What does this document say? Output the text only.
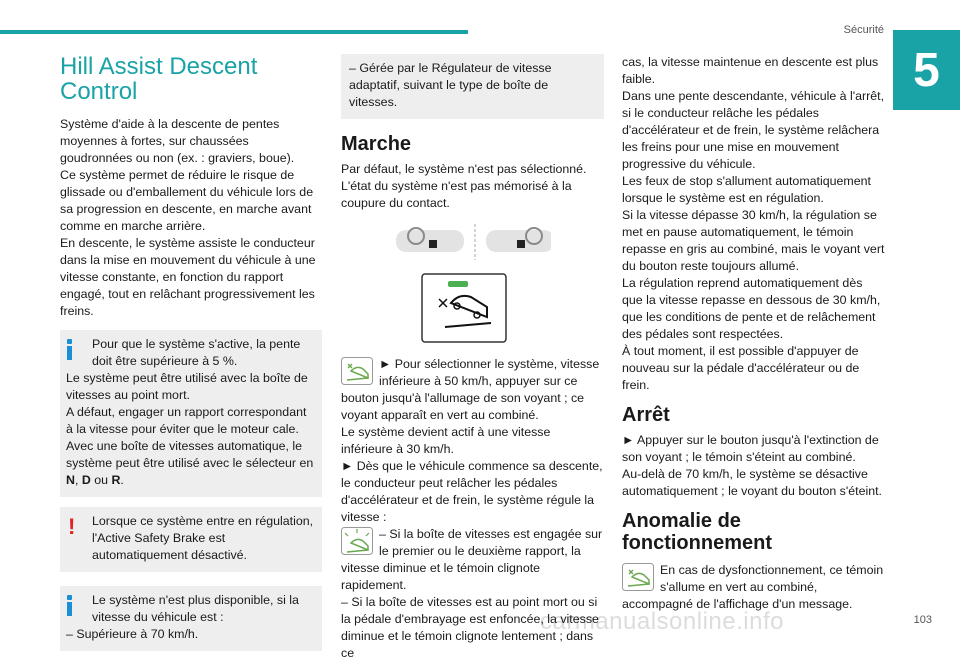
Sécurité
5
103
carmanualsonline.info
Hill Assist Descent
Control

Système d'aide à la descente de pentes moyennes à fortes, sur chaussées goudronnées ou non (ex. : graviers, boue).

Ce système permet de réduire le risque de glissade ou d'emballement du véhicule lors de sa progression en descente, en marche avant comme en marche arrière.

En descente, le système assiste le conducteur dans la mise en mouvement du véhicule à une vitesse constante, en fonction du rapport engagé, tout en relâchant progressivement les freins.

Pour que le système s'active, la pente doit être supérieure à 5 %.

Le système peut être utilisé avec la boîte de vitesses au point mort.

A défaut, engager un rapport correspondant à la vitesse pour éviter que le moteur cale.

Avec une boîte de vitesses automatique, le système peut être utilisé avec le sélecteur en N, D ou R.

!	Lorsque ce système entre en régulation, l'Active Safety Brake est automatiquement désactivé.

Le système n'est plus disponible, si la vitesse du véhicule est :

– Supérieure à 70 km/h.

– Gérée par le Régulateur de vitesse adaptatif, suivant le type de boîte de vitesses.

Marche

Par défaut, le système n'est pas sélectionné. L'état du système n'est pas mémorisé à la coupure du contact.

► Pour sélectionner le système, vitesse inférieure à 50 km/h, appuyer sur ce bouton jusqu'à l'allumage de son voyant ; ce voyant apparaît en vert au combiné.

Le système devient actif à une vitesse inférieure à 30 km/h.

► Dès que le véhicule commence sa descente, le conducteur peut relâcher les pédales d'accélérateur et de frein, le système régule la vitesse :

– Si la boîte de vitesses est engagée sur le premier ou le deuxième rapport, la vitesse diminue et le témoin clignote rapidement.

– Si la boîte de vitesses est au point mort ou si la pédale d'embrayage est enfoncée, la vitesse diminue et le témoin clignote lentement ; dans ce

cas, la vitesse maintenue en descente est plus faible.

Dans une pente descendante, véhicule à l'arrêt, si le conducteur relâche les pédales d'accélérateur et de frein, le système relâchera les freins pour une mise en mouvement progressive du véhicule.

Les feux de stop s'allument automatiquement lorsque le système est en régulation.

Si la vitesse dépasse 30 km/h, la régulation se met en pause automatiquement, le témoin repasse en gris au combiné, mais le voyant vert du bouton reste toujours allumé.

La régulation reprend automatiquement dès que la vitesse repasse en dessous de 30 km/h, que les conditions de pente et de relâchement des pédales sont respectées.

À tout moment, il est possible d'appuyer de nouveau sur la pédale d'accélérateur ou de frein.

Arrêt

► Appuyer sur le bouton jusqu'à l'extinction de son voyant ; le témoin s'éteint au combiné.

Au-delà de 70 km/h, le système se désactive automatiquement ; le voyant du bouton s'éteint.

Anomalie de
fonctionnement

En cas de dysfonctionnement, ce témoin s'allume en vert au combiné, accompagné de l'affichage d'un message.
